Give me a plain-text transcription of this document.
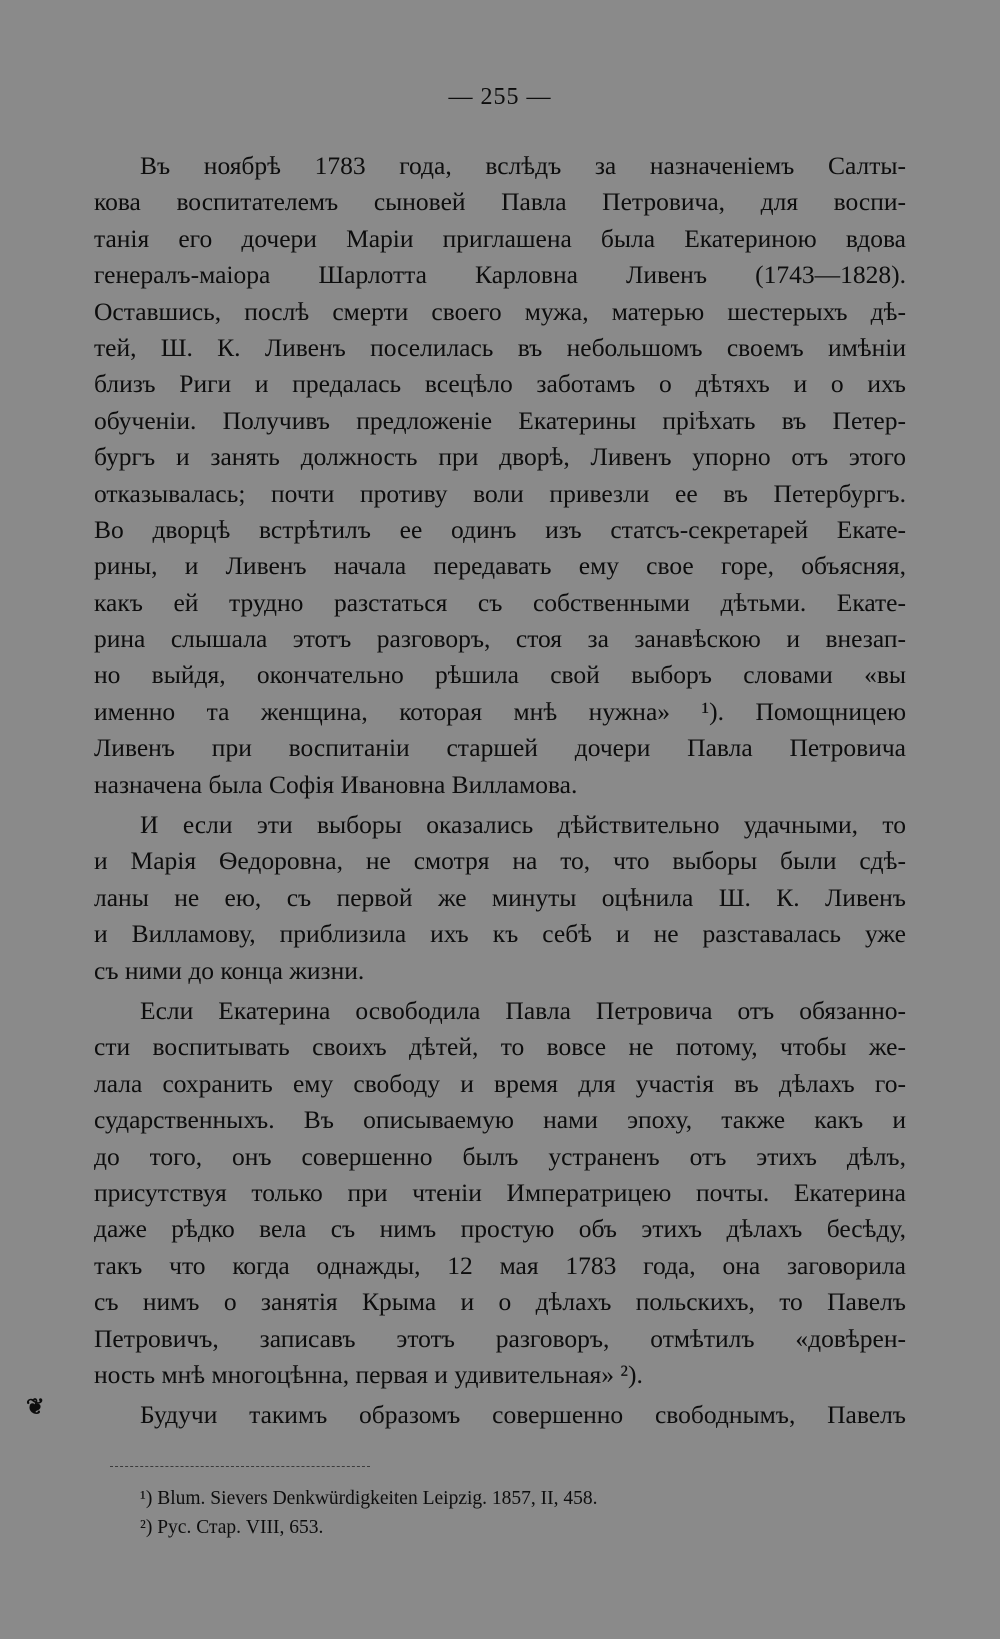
— 255 —
Въ ноябрѣ 1783 года, вслѣдъ за назначеніемъ Салты-
кова воспитателемъ сыновей Павла Петровича, для воспи-
танія его дочери Маріи приглашена была Екатериною вдова
генералъ-маіора Шарлотта Карловна Ливенъ (1743—1828).
Оставшись, послѣ смерти своего мужа, матерью шестерыхъ дѣ-
тей, Ш. К. Ливенъ поселилась въ небольшомъ своемъ имѣніи
близъ Риги и предалась всецѣло заботамъ о дѣтяхъ и о ихъ
обученіи. Получивъ предложеніе Екатерины пріѣхать въ Петер-
бургъ и занять должность при дворѣ, Ливенъ упорно отъ этого
отказывалась; почти противу воли привезли ее въ Петербургъ.
Во дворцѣ встрѣтилъ ее одинъ изъ статсъ-секретарей Екате-
рины, и Ливенъ начала передавать ему свое горе, объясняя,
какъ ей трудно разстаться съ собственными дѣтьми. Екате-
рина слышала этотъ разговоръ, стоя за занавѣскою и внезап-
но выйдя, окончательно рѣшила свой выборъ словами «вы
именно та женщина, которая мнѣ нужна» ¹). Помощницею
Ливенъ при воспитаніи старшей дочери Павла Петровича
назначена была Софія Ивановна Вилламова.
И если эти выборы оказались дѣйствительно удачными, то
и Марія Ѳедоровна, не смотря на то, что выборы были сдѣ-
ланы не ею, съ первой же минуты оцѣнила Ш. К. Ливенъ
и Вилламову, приблизила ихъ къ себѣ и не разставалась уже
съ ними до конца жизни.
Если Екатерина освободила Павла Петровича отъ обязанно-
сти воспитывать своихъ дѣтей, то вовсе не потому, чтобы же-
лала сохранить ему свободу и время для участія въ дѣлахъ го-
сударственныхъ. Въ описываемую нами эпоху, также какъ и
до того, онъ совершенно былъ устраненъ отъ этихъ дѣлъ,
присутствуя только при чтеніи Императрицею почты. Екатерина
даже рѣдко вела съ нимъ простую объ этихъ дѣлахъ бесѣду,
такъ что когда однажды, 12 мая 1783 года, она заговорила
съ нимъ о занятія Крыма и о дѣлахъ польскихъ, то Павелъ
Петровичъ, записавъ этотъ разговоръ, отмѣтилъ «довѣрен-
ность мнѣ многоцѣнна, первая и удивительная» ²).
Будучи такимъ образомъ совершенно свободнымъ, Павелъ
❦
¹) Blum. Sievers Denkwürdigkeiten Leipzig. 1857, II, 458.
²) Рус. Стар. VIII, 653.
